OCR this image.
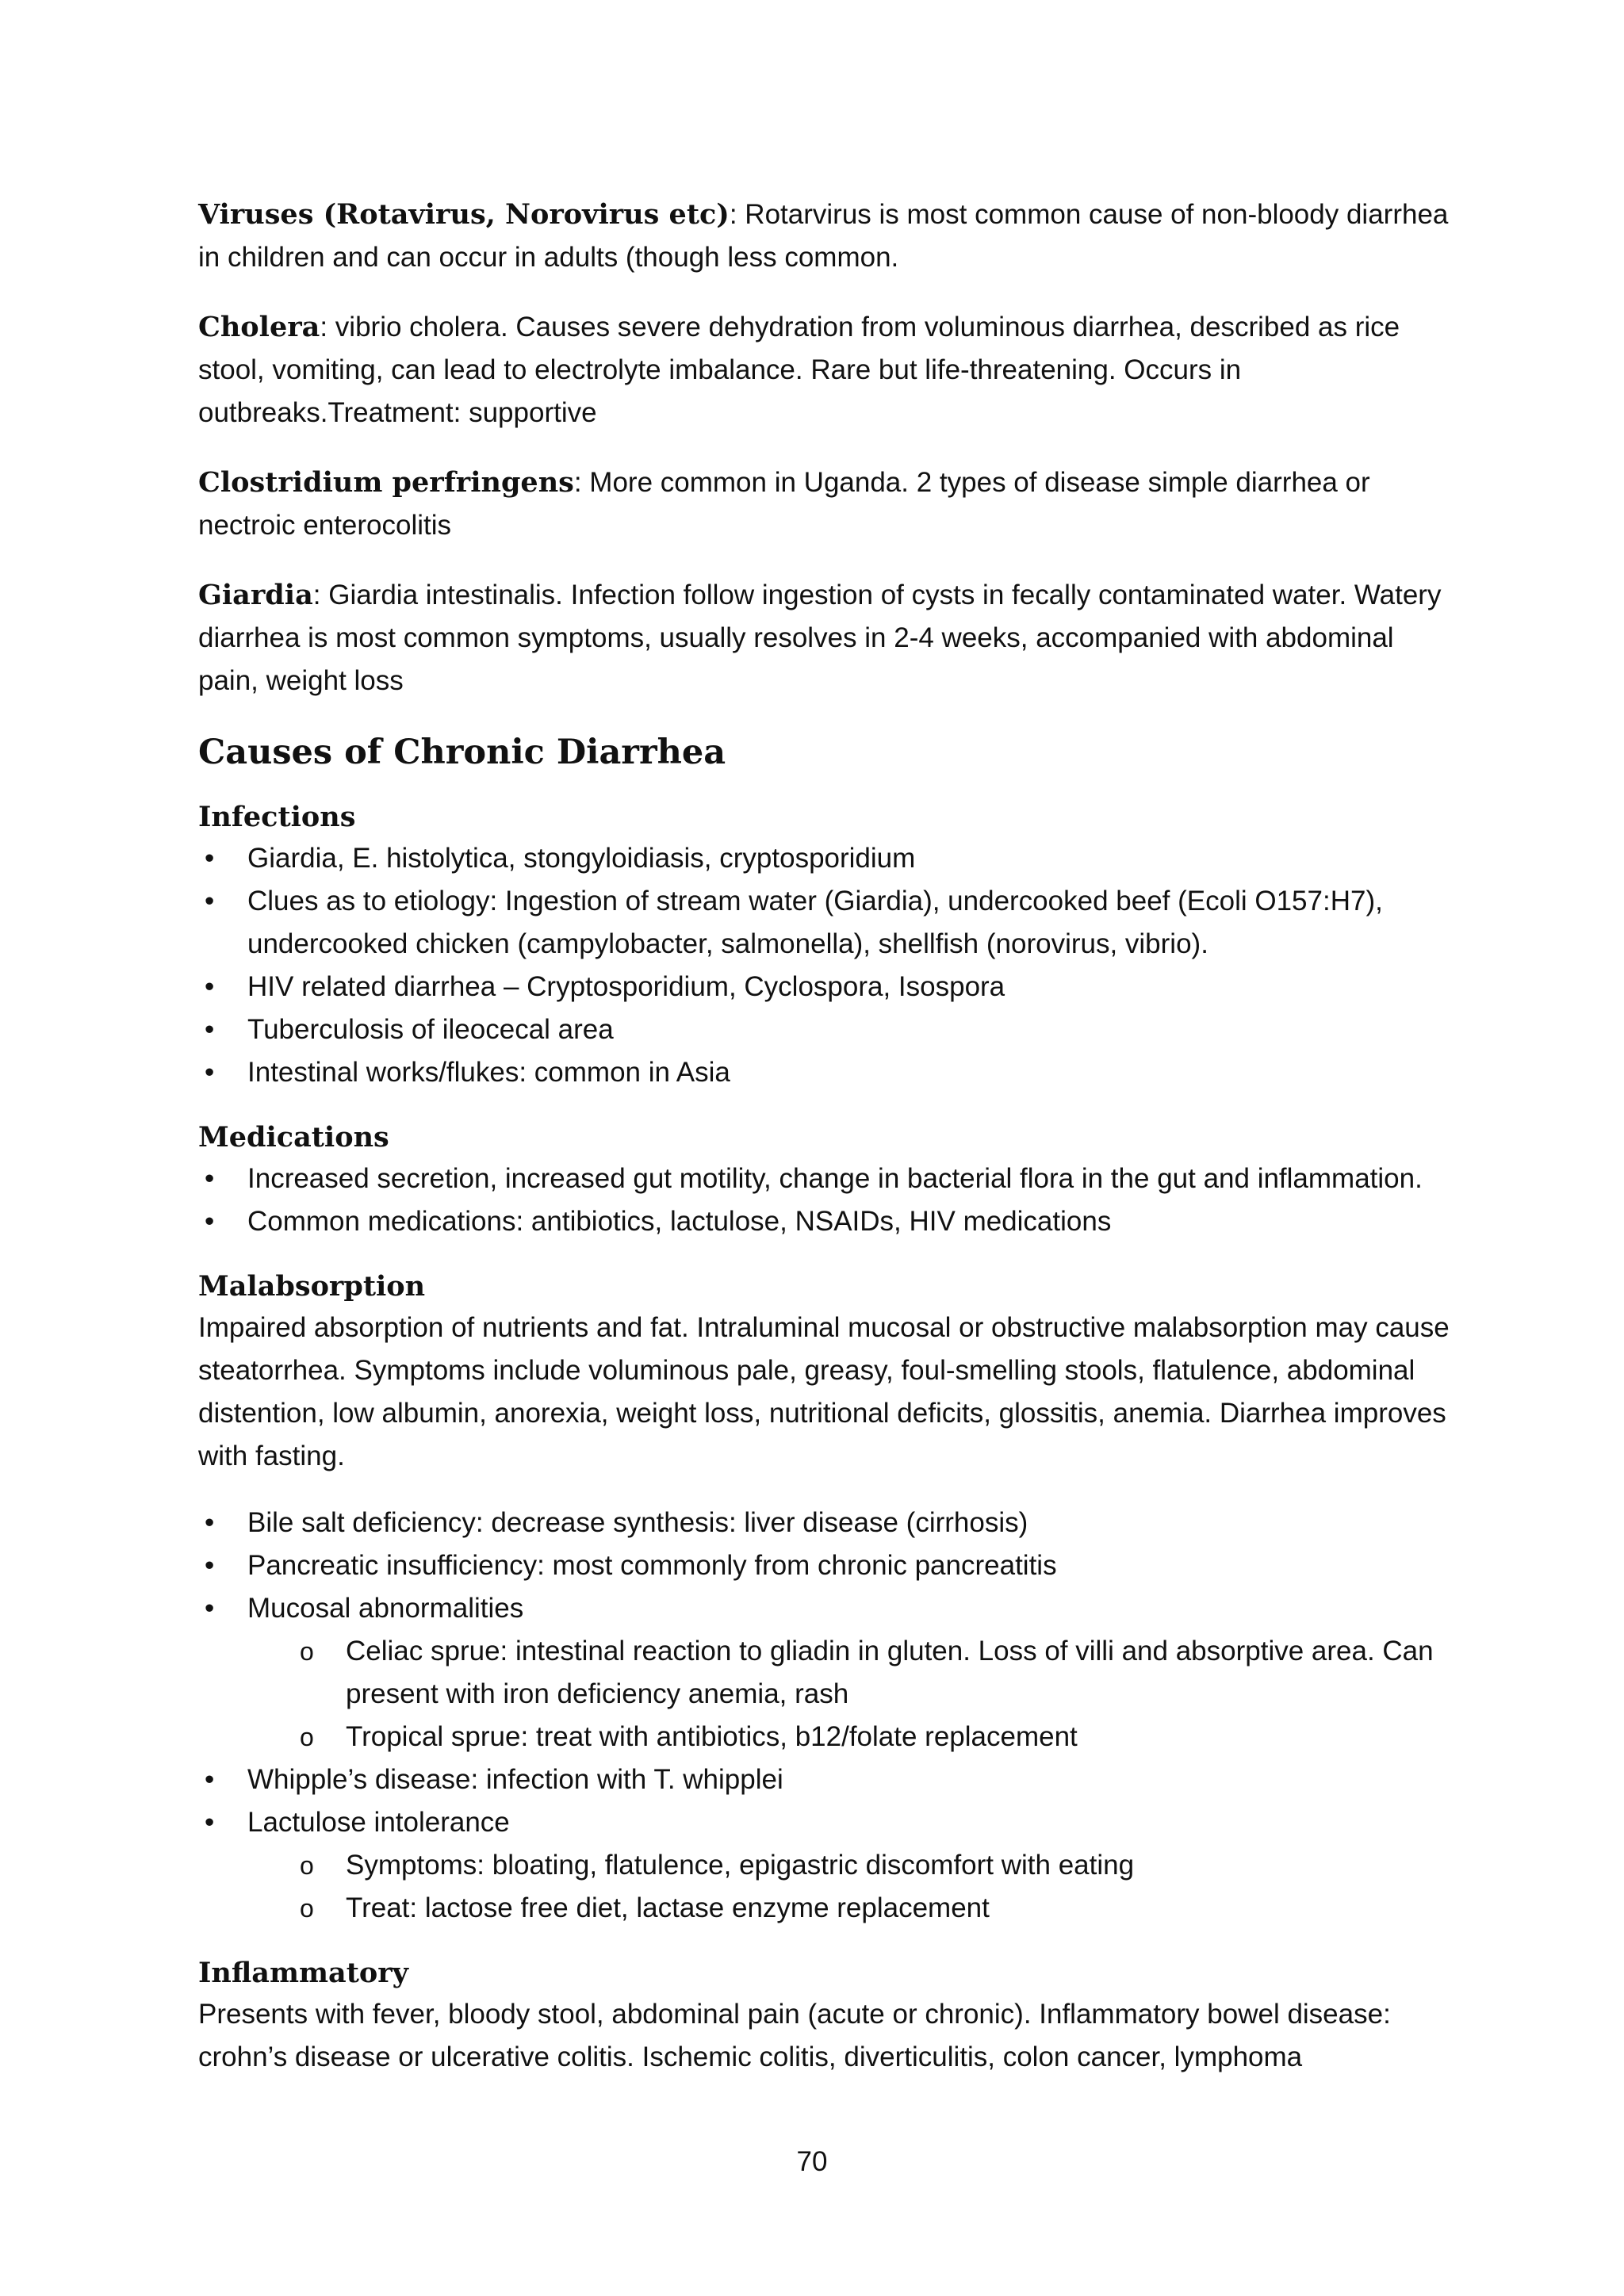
Viruses (Rotavirus, Norovirus etc): Rotarvirus is most common cause of non-bloody diarrhea in children and can occur in adults (though less common.

Cholera: vibrio cholera. Causes severe dehydration from voluminous diarrhea, described as rice stool, vomiting, can lead to electrolyte imbalance. Rare but life-threatening. Occurs in outbreaks.Treatment: supportive

Clostridium perfringens: More common in Uganda. 2 types of disease simple diarrhea or nectroic enterocolitis

Giardia: Giardia intestinalis. Infection follow ingestion of cysts in fecally contaminated water. Watery diarrhea is most common symptoms, usually resolves in 2-4 weeks, accompanied with abdominal pain, weight loss

Causes of Chronic Diarrhea
Infections
• Giardia, E. histolytica, stongyloidiasis, cryptosporidium
• Clues as to etiology: Ingestion of stream water (Giardia), undercooked beef (Ecoli O157:H7), undercooked chicken (campylobacter, salmonella), shellfish (norovirus, vibrio).
• HIV related diarrhea – Cryptosporidium, Cyclospora, Isospora
• Tuberculosis of ileocecal area
• Intestinal works/flukes: common in Asia
Medications
• Increased secretion, increased gut motility, change in bacterial flora in the gut and inflammation.
• Common medications: antibiotics, lactulose, NSAIDs, HIV medications
Malabsorption

Impaired absorption of nutrients and fat. Intraluminal mucosal or obstructive malabsorption may cause steatorrhea. Symptoms include voluminous pale, greasy, foul-smelling stools, flatulence, abdominal distention, low albumin, anorexia, weight loss, nutritional deficits, glossitis, anemia. Diarrhea improves with fasting.

• Bile salt deficiency: decrease synthesis: liver disease (cirrhosis)
• Pancreatic insufficiency: most commonly from chronic pancreatitis
• Mucosal abnormalities
o Celiac sprue: intestinal reaction to gliadin in gluten. Loss of villi and absorptive area. Can present with iron deficiency anemia, rash
o Tropical sprue: treat with antibiotics, b12/folate replacement
• Whipple’s disease: infection with T. whipplei
• Lactulose intolerance
o Symptoms: bloating, flatulence, epigastric discomfort with eating
o Treat: lactose free diet, lactase enzyme replacement
Inflammatory

Presents with fever, bloody stool, abdominal pain (acute or chronic). Inflammatory bowel disease: crohn’s disease or ulcerative colitis. Ischemic colitis, diverticulitis, colon cancer, lymphoma

70
